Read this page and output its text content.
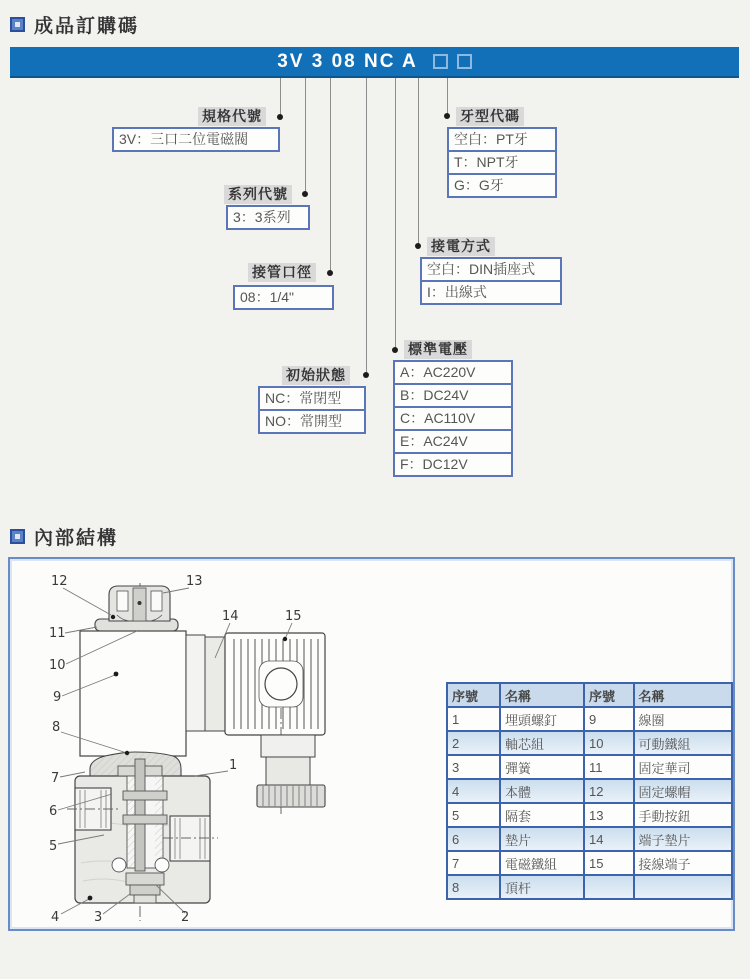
成品訂購碼
3V 3 08 NC A
規格代號
3V：三口二位電磁閥
系列代號
3：3系列
接管口徑
08：1/4"
初始狀態
NC：常閉型
NO：常開型
標準電壓
A：AC220V
B：DC24V
C：AC110V
E：AC24V
F：DC12V
接電方式
空白：DIN插座式
I：出線式
牙型代碼
空白：PT牙
T：NPT牙
G：G牙
內部結構
12	13
11
10
9
8
7
6
5
4	3	2
1
14	15
序號	名稱	序號	名稱
1	埋頭螺釘	9	線圈
2	軸芯組	10	可動鐵組
3	彈簧	11	固定華司
4	本體	12	固定螺帽
5	隔套	13	手動按鈕
6	墊片	14	端子墊片
7	電磁鐵組	15	接線端子
8	頂杆		
